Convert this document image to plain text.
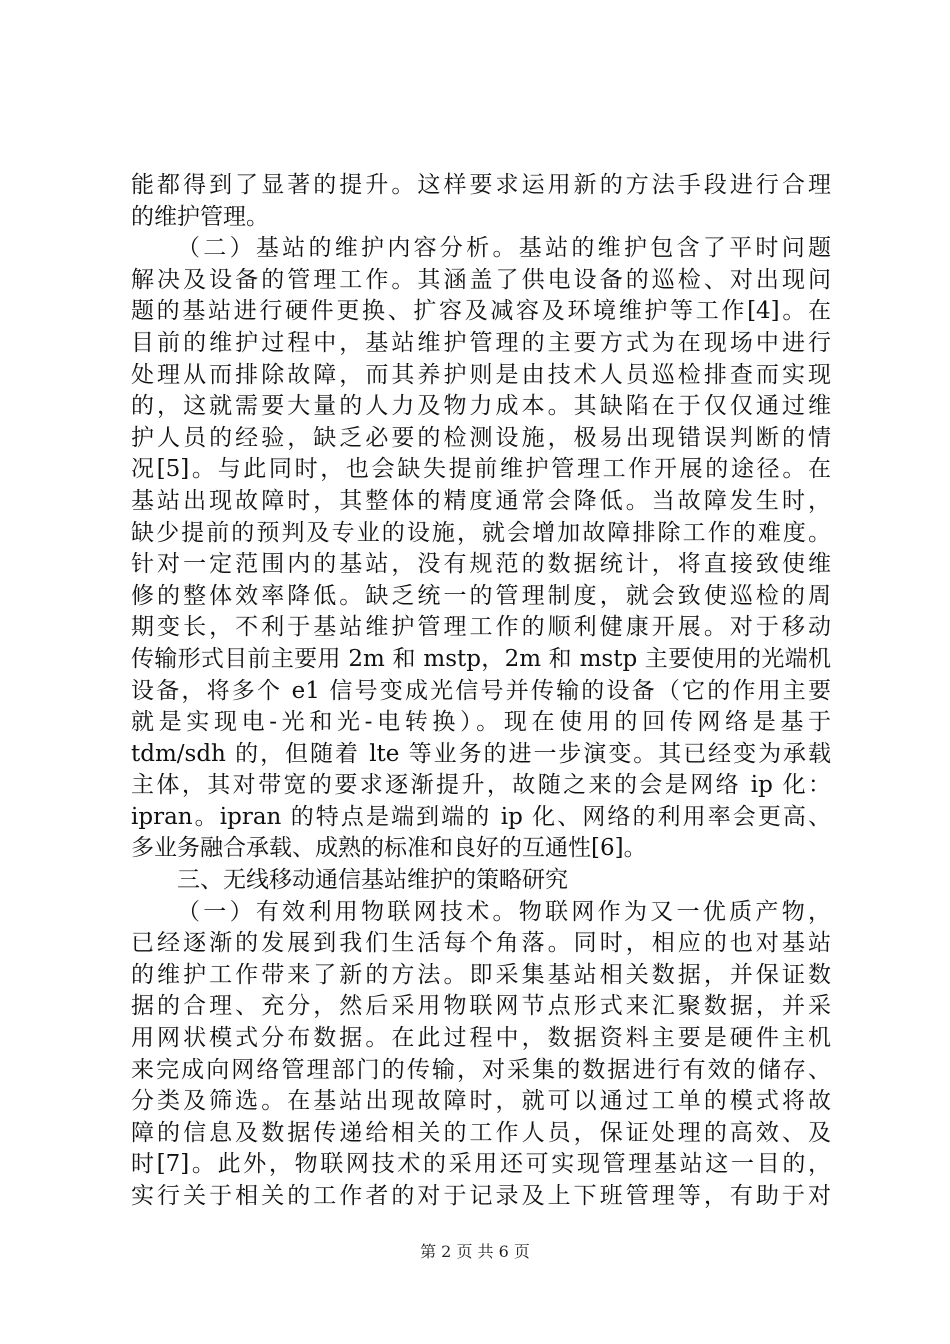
能都得到了显著的提升。这样要求运用新的方法手段进行合理
的维护管理。
（二）基站的维护内容分析。基站的维护包含了平时问题
解决及设备的管理工作。其涵盖了供电设备的巡检、对出现问
题的基站进行硬件更换、扩容及减容及环境维护等工作[4]。在
目前的维护过程中，基站维护管理的主要方式为在现场中进行
处理从而排除故障，而其养护则是由技术人员巡检排查而实现
的，这就需要大量的人力及物力成本。其缺陷在于仅仅通过维
护人员的经验，缺乏必要的检测设施，极易出现错误判断的情
况[5]。与此同时，也会缺失提前维护管理工作开展的途径。在
基站出现故障时，其整体的精度通常会降低。当故障发生时，
缺少提前的预判及专业的设施，就会增加故障排除工作的难度。
针对一定范围内的基站，没有规范的数据统计，将直接致使维
修的整体效率降低。缺乏统一的管理制度，就会致使巡检的周
期变长，不利于基站维护管理工作的顺利健康开展。对于移动
传输形式目前主要用 2m 和 mstp，2m 和 mstp 主要使用的光端机
设备，将多个 e1 信号变成光信号并传输的设备（它的作用主要
就是实现电-光和光-电转换）。现在使用的回传网络是基于
tdm/sdh 的，但随着 lte 等业务的进一步演变。其已经变为承载
主体，其对带宽的要求逐渐提升，故随之来的会是网络 ip 化：
ipran。ipran 的特点是端到端的 ip 化、网络的利用率会更高、
多业务融合承载、成熟的标准和良好的互通性[6]。
三、无线移动通信基站维护的策略研究
（一）有效利用物联网技术。物联网作为又一优质产物，
已经逐渐的发展到我们生活每个角落。同时，相应的也对基站
的维护工作带来了新的方法。即采集基站相关数据，并保证数
据的合理、充分，然后采用物联网节点形式来汇聚数据，并采
用网状模式分布数据。在此过程中，数据资料主要是硬件主机
来完成向网络管理部门的传输，对采集的数据进行有效的储存、
分类及筛选。在基站出现故障时，就可以通过工单的模式将故
障的信息及数据传递给相关的工作人员，保证处理的高效、及
时[7]。此外，物联网技术的采用还可实现管理基站这一目的，
实行关于相关的工作者的对于记录及上下班管理等，有助于对
第 2 页 共 6 页
